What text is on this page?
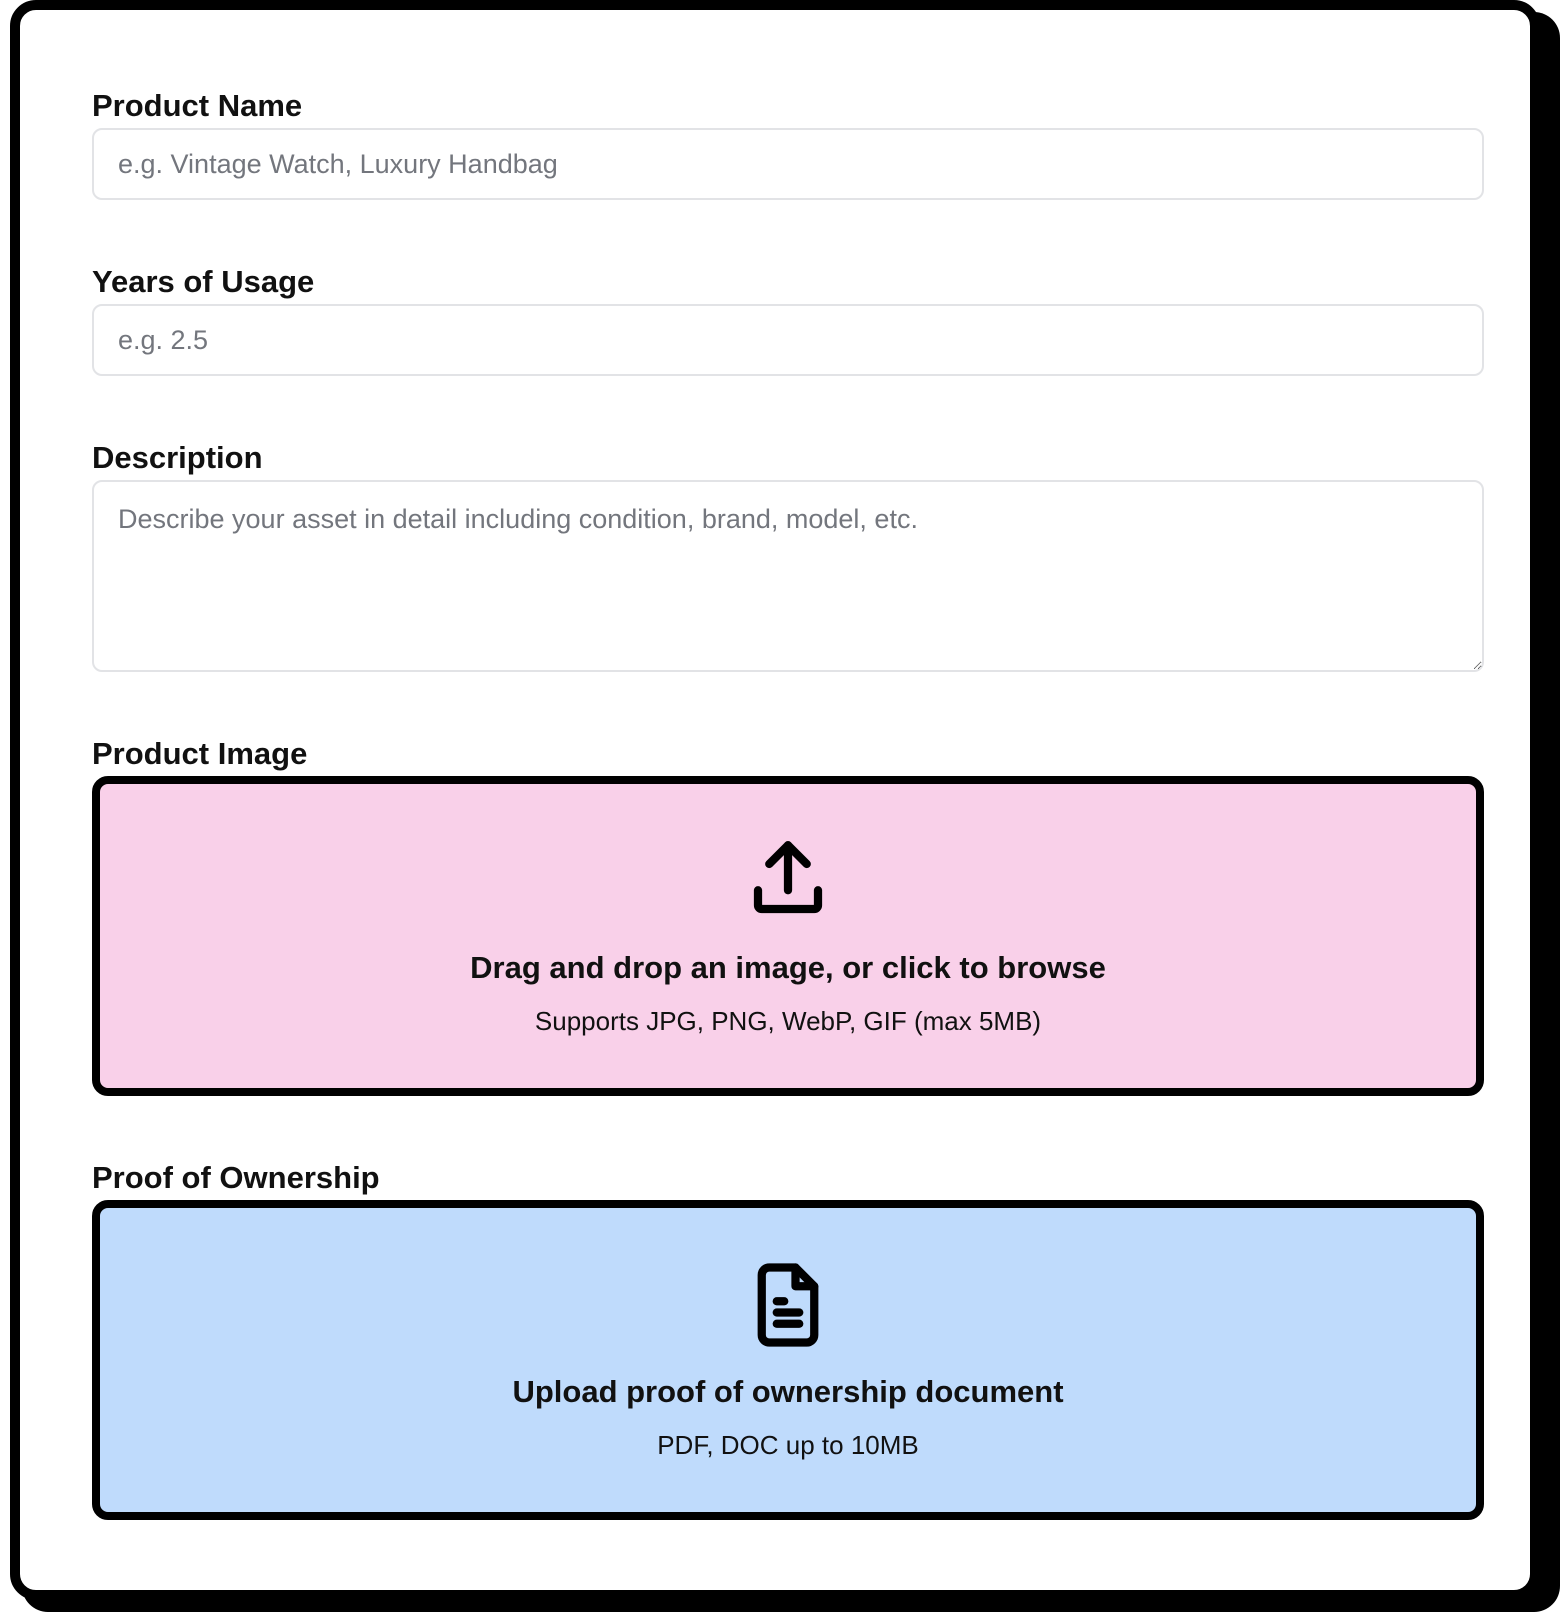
Product Name
e.g. Vintage Watch, Luxury Handbag
Years of Usage
e.g. 2.5
Description
Describe your asset in detail including condition, brand, model, etc.
Product Image
Drag and drop an image, or click to browse
Supports JPG, PNG, WebP, GIF (max 5MB)
Proof of Ownership
Upload proof of ownership document
PDF, DOC up to 10MB
